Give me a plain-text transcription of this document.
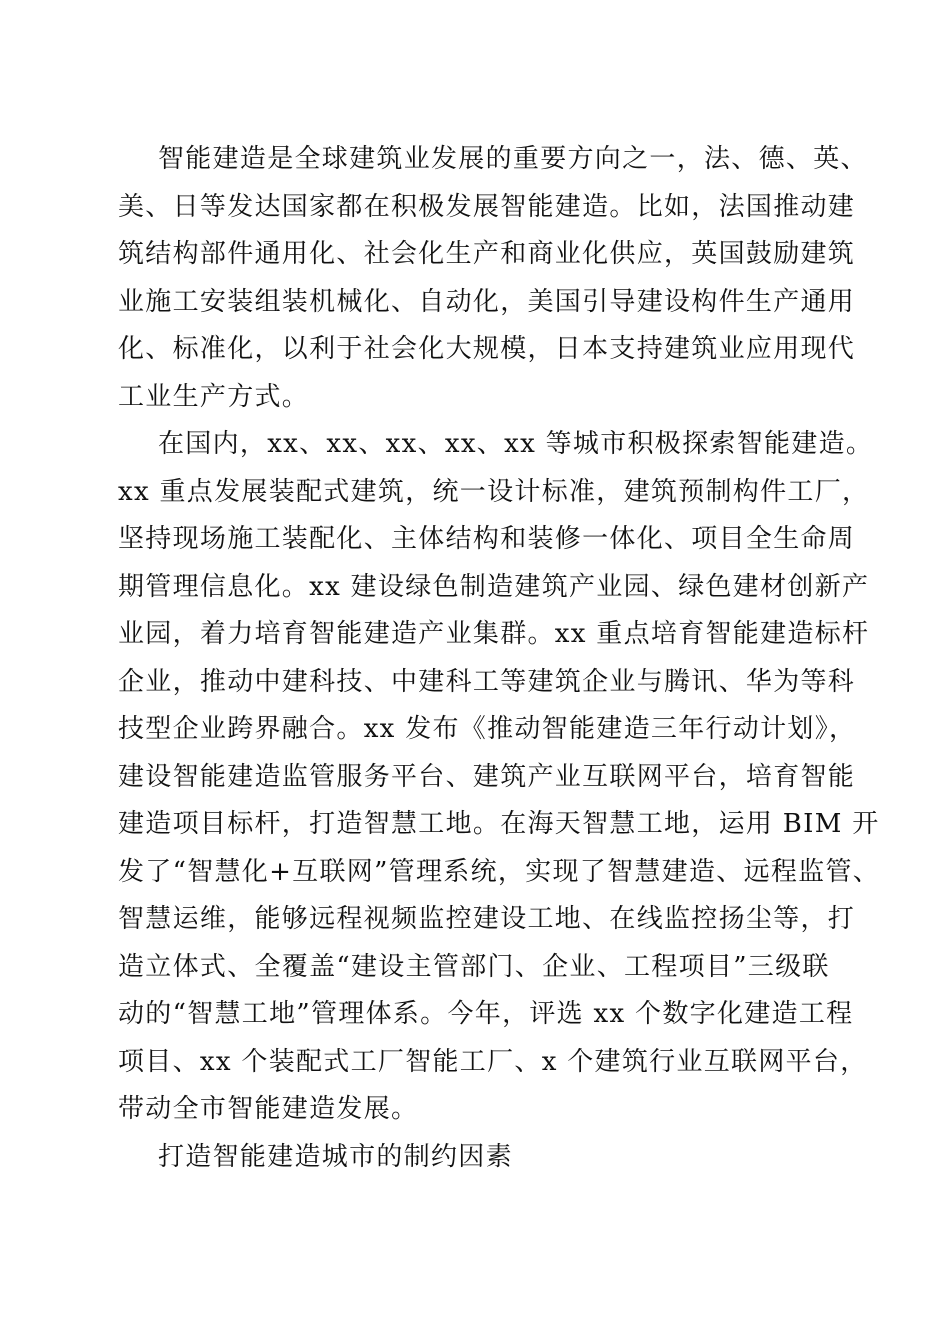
智能建造是全球建筑业发展的重要方向之一，法、德、英、
美、日等发达国家都在积极发展智能建造。比如，法国推动建
筑结构部件通用化、社会化生产和商业化供应，英国鼓励建筑
业施工安装组装机械化、自动化，美国引导建设构件生产通用
化、标准化，以利于社会化大规模，日本支持建筑业应用现代
工业生产方式。
在国内，xx、xx、xx、xx、xx 等城市积极探索智能建造。
xx 重点发展装配式建筑，统一设计标准，建筑预制构件工厂，
坚持现场施工装配化、主体结构和装修一体化、项目全生命周
期管理信息化。xx 建设绿色制造建筑产业园、绿色建材创新产
业园，着力培育智能建造产业集群。xx 重点培育智能建造标杆
企业，推动中建科技、中建科工等建筑企业与腾讯、华为等科
技型企业跨界融合。xx 发布《推动智能建造三年行动计划》，
建设智能建造监管服务平台、建筑产业互联网平台，培育智能
建造项目标杆，打造智慧工地。在海天智慧工地，运用 BIM 开
发了“智慧化+互联网”管理系统，实现了智慧建造、远程监管、
智慧运维，能够远程视频监控建设工地、在线监控扬尘等，打
造立体式、全覆盖“建设主管部门、企业、工程项目”三级联
动的“智慧工地”管理体系。今年，评选 xx 个数字化建造工程
项目、xx 个装配式工厂智能工厂、x 个建筑行业互联网平台，
带动全市智能建造发展。
打造智能建造城市的制约因素
